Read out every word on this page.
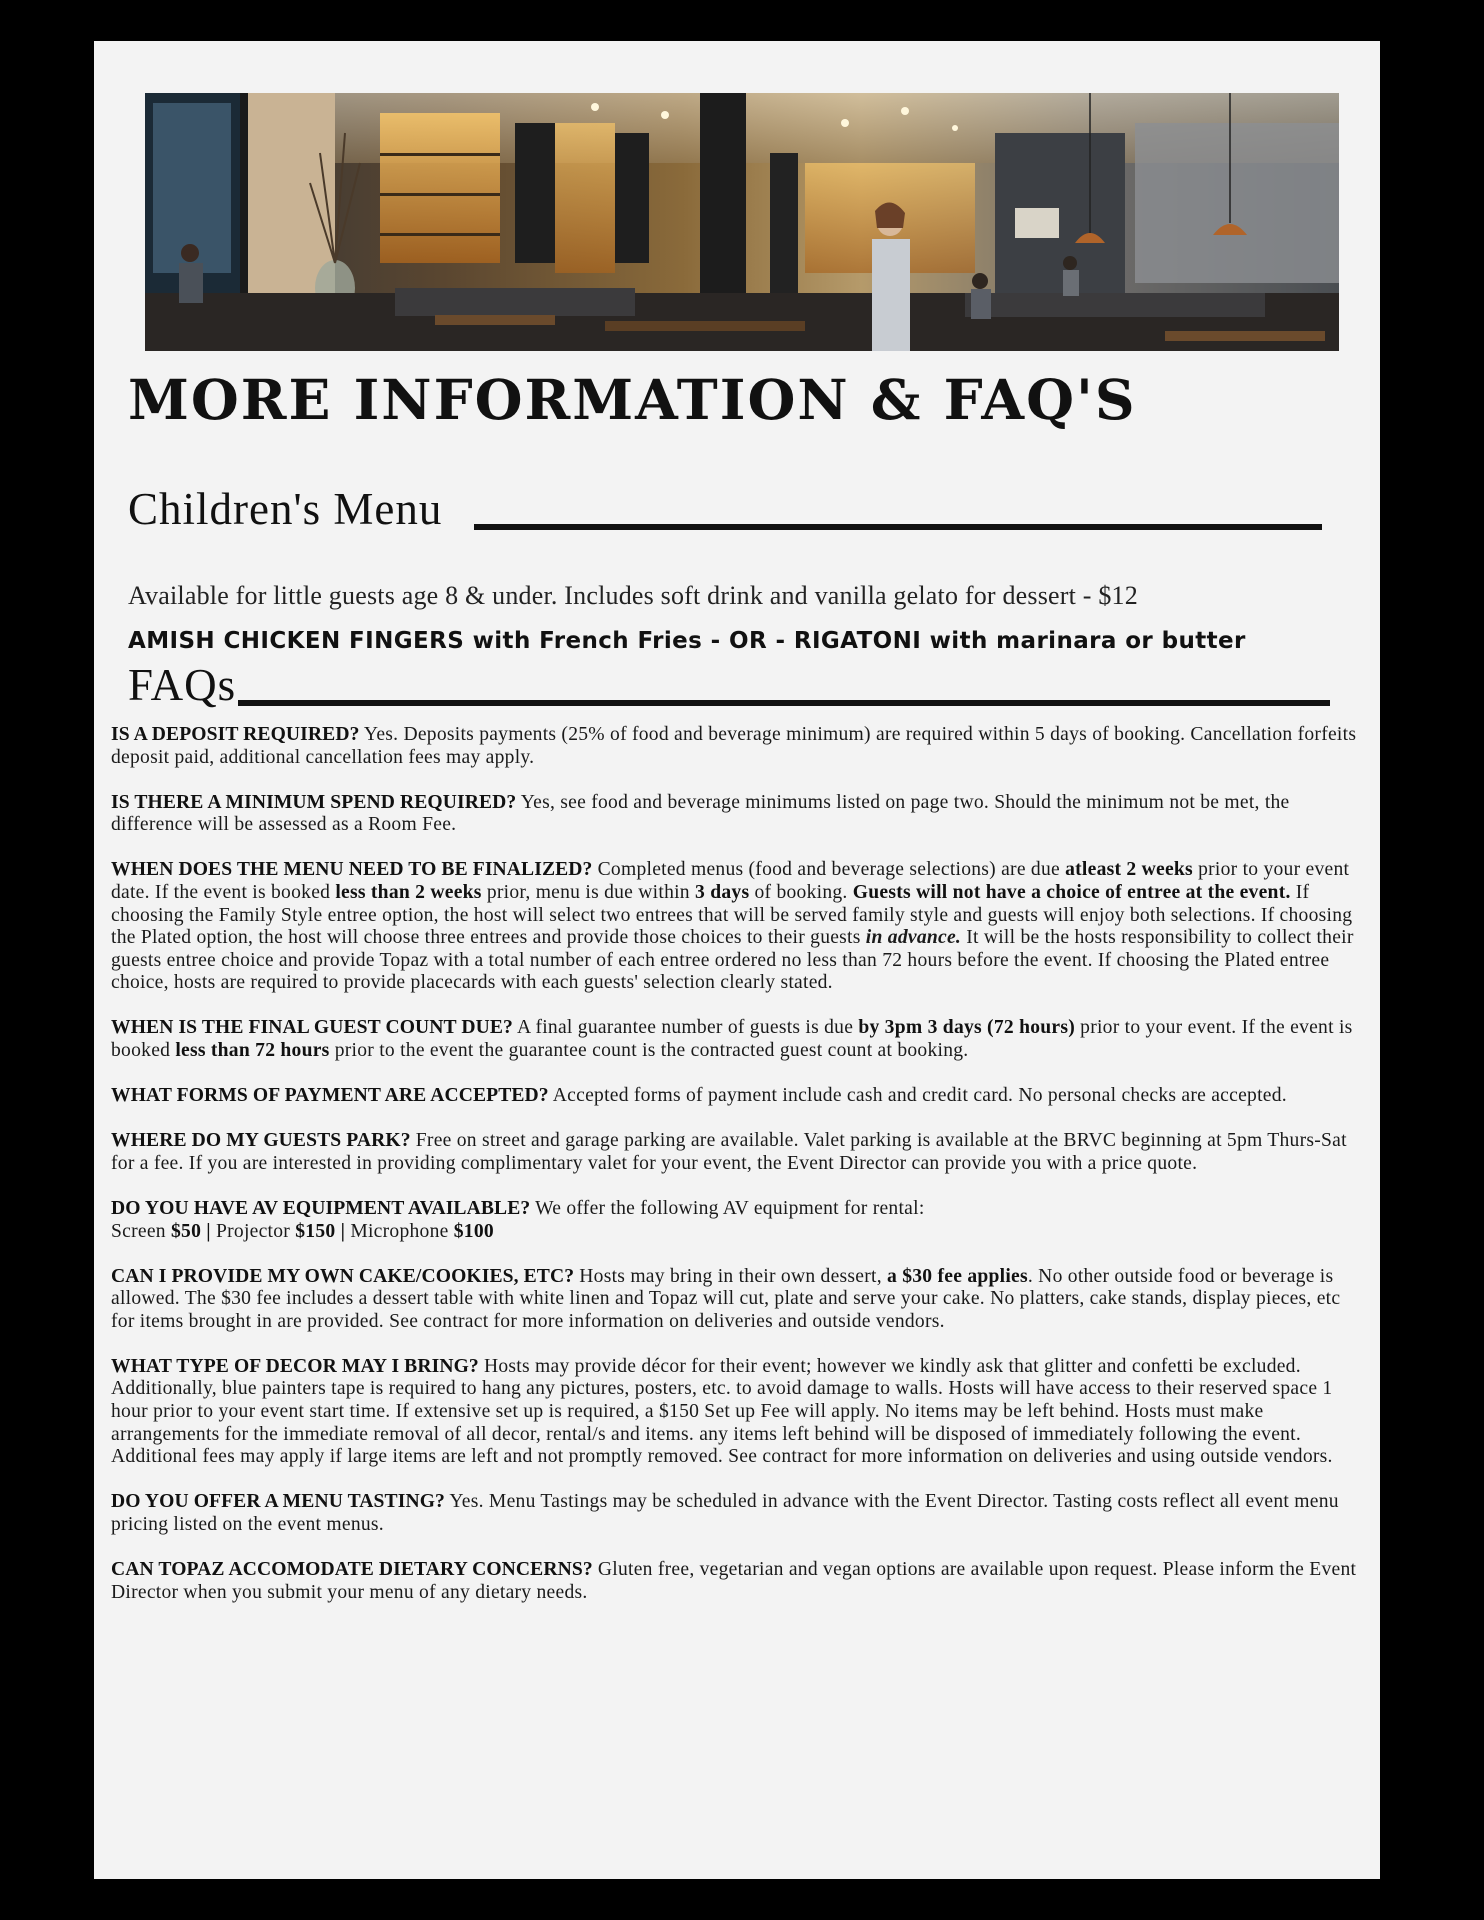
MORE INFORMATION & FAQ'S
Children's Menu

Available for little guests age 8 & under. Includes soft drink and vanilla gelato for dessert - $12

AMISH CHICKEN FINGERS with French Fries - OR - RIGATONI with marinara or butter

FAQs

IS A DEPOSIT REQUIRED? Yes. Deposits payments (25% of food and beverage minimum) are required within 5 days of booking. Cancellation forfeits deposit paid, additional cancellation fees may apply.

IS THERE A MINIMUM SPEND REQUIRED? Yes, see food and beverage minimums listed on page two. Should the minimum not be met, the difference will be assessed as a Room Fee.

WHEN DOES THE MENU NEED TO BE FINALIZED? Completed menus (food and beverage selections) are due atleast 2 weeks prior to your event date. If the event is booked less than 2 weeks prior, menu is due within 3 days of booking. Guests will not have a choice of entree at the event. If choosing the Family Style entree option, the host will select two entrees that will be served family style and guests will enjoy both selections. If choosing the Plated option, the host will choose three entrees and provide those choices to their guests in advance. It will be the hosts responsibility to collect their guests entree choice and provide Topaz with a total number of each entree ordered no less than 72 hours before the event. If choosing the Plated entree choice, hosts are required to provide placecards with each guests' selection clearly stated.

WHEN IS THE FINAL GUEST COUNT DUE? A final guarantee number of guests is due by 3pm 3 days (72 hours) prior to your event. If the event is booked less than 72 hours prior to the event the guarantee count is the contracted guest count at booking.

WHAT FORMS OF PAYMENT ARE ACCEPTED? Accepted forms of payment include cash and credit card. No personal checks are accepted.

WHERE DO MY GUESTS PARK? Free on street and garage parking are available. Valet parking is available at the BRVC beginning at 5pm Thurs-Sat for a fee. If you are interested in providing complimentary valet for your event, the Event Director can provide you with a price quote.

DO YOU HAVE AV EQUIPMENT AVAILABLE? We offer the following AV equipment for rental:
Screen $50 | Projector $150 | Microphone $100

CAN I PROVIDE MY OWN CAKE/COOKIES, ETC? Hosts may bring in their own dessert, a $30 fee applies. No other outside food or beverage is allowed. The $30 fee includes a dessert table with white linen and Topaz will cut, plate and serve your cake. No platters, cake stands, display pieces, etc for items brought in are provided. See contract for more information on deliveries and outside vendors.

WHAT TYPE OF DECOR MAY I BRING? Hosts may provide décor for their event; however we kindly ask that glitter and confetti be excluded. Additionally, blue painters tape is required to hang any pictures, posters, etc. to avoid damage to walls. Hosts will have access to their reserved space 1 hour prior to your event start time. If extensive set up is required, a $150 Set up Fee will apply. No items may be left behind. Hosts must make arrangements for the immediate removal of all decor, rental/s and items. any items left behind will be disposed of immediately following the event. Additional fees may apply if large items are left and not promptly removed. See contract for more information on deliveries and using outside vendors.

DO YOU OFFER A MENU TASTING? Yes. Menu Tastings may be scheduled in advance with the Event Director. Tasting costs reflect all event menu pricing listed on the event menus.

CAN TOPAZ ACCOMODATE DIETARY CONCERNS? Gluten free, vegetarian and vegan options are available upon request. Please inform the Event Director when you submit your menu of any dietary needs.
